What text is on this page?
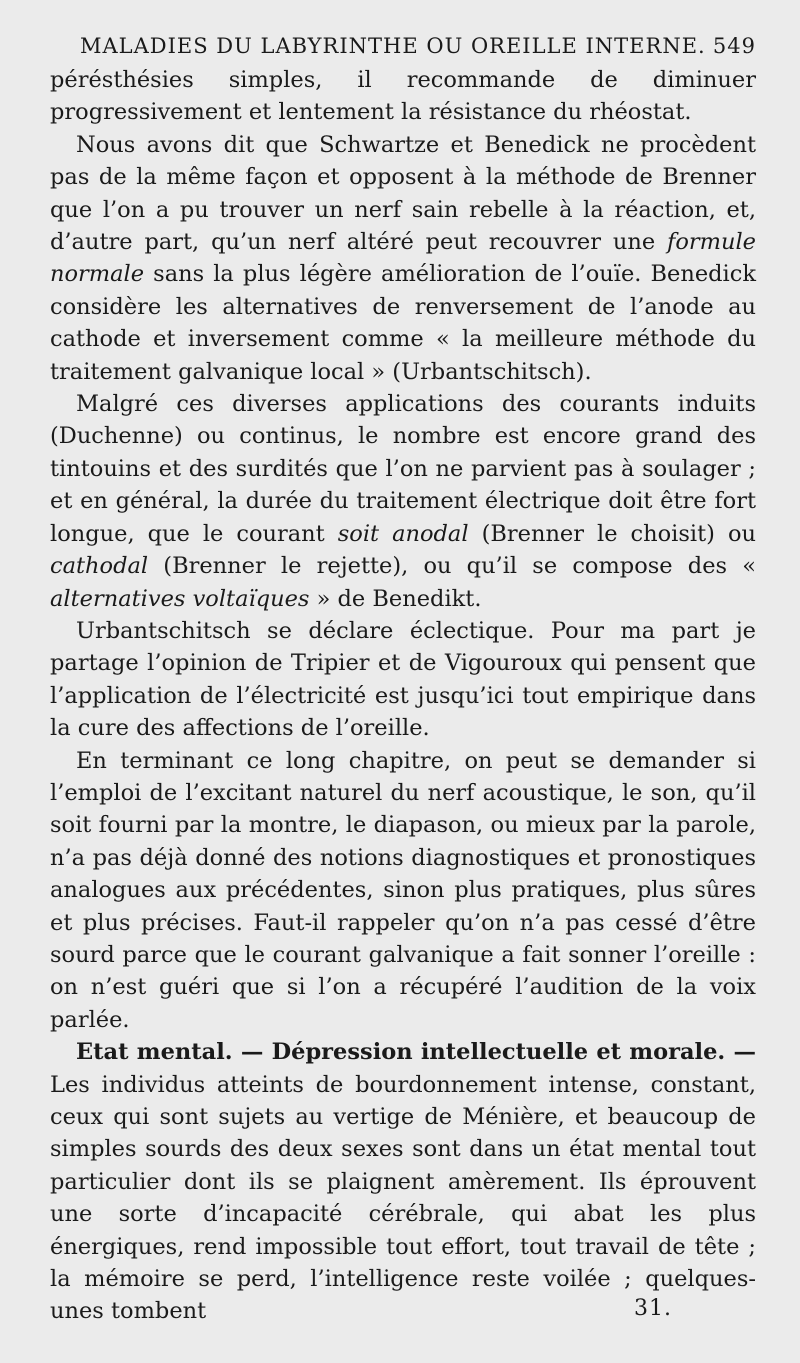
MALADIES DU LABYRINTHE OU OREILLE INTERNE. 549

pérésthésies simples, il recommande de diminuer progressivement et lentement la résistance du rhéostat.

Nous avons dit que Schwartze et Benedick ne procèdent pas de la même façon et opposent à la méthode de Brenner que l’on a pu trouver un nerf sain rebelle à la réaction, et, d’autre part, qu’un nerf altéré peut recouvrer une formule normale sans la plus légère amélioration de l’ouïe. Benedick considère les alternatives de renversement de l’anode au cathode et inversement comme « la meilleure méthode du traitement galvanique local » (Urbantschitsch).

Malgré ces diverses applications des courants induits (Duchenne) ou continus, le nombre est encore grand des tintouins et des surdités que l’on ne parvient pas à soulager ; et en général, la durée du traitement électrique doit être fort longue, que le courant soit anodal (Brenner le choisit) ou cathodal (Brenner le rejette), ou qu’il se compose des « alternatives voltaïques » de Benedikt.

Urbantschitsch se déclare éclectique. Pour ma part je partage l’opinion de Tripier et de Vigouroux qui pensent que l’application de l’électricité est jusqu’ici tout empirique dans la cure des affections de l’oreille.

En terminant ce long chapitre, on peut se demander si l’emploi de l’excitant naturel du nerf acoustique, le son, qu’il soit fourni par la montre, le diapason, ou mieux par la parole, n’a pas déjà donné des notions diagnostiques et pronostiques analogues aux précédentes, sinon plus pratiques, plus sûres et plus précises. Faut-il rappeler qu’on n’a pas cessé d’être sourd parce que le courant galvanique a fait sonner l’oreille : on n’est guéri que si l’on a récupéré l’audition de la voix parlée.

Etat mental. — Dépression intellectuelle et morale. — Les individus atteints de bourdonnement intense, constant, ceux qui sont sujets au vertige de Ménière, et beaucoup de simples sourds des deux sexes sont dans un état mental tout particulier dont ils se plaignent amèrement. Ils éprouvent une sorte d’incapacité cérébrale, qui abat les plus énergiques, rend impossible tout effort, tout travail de tête ; la mémoire se perd, l’intelligence reste voilée ; quelques-unes tombent	31.
